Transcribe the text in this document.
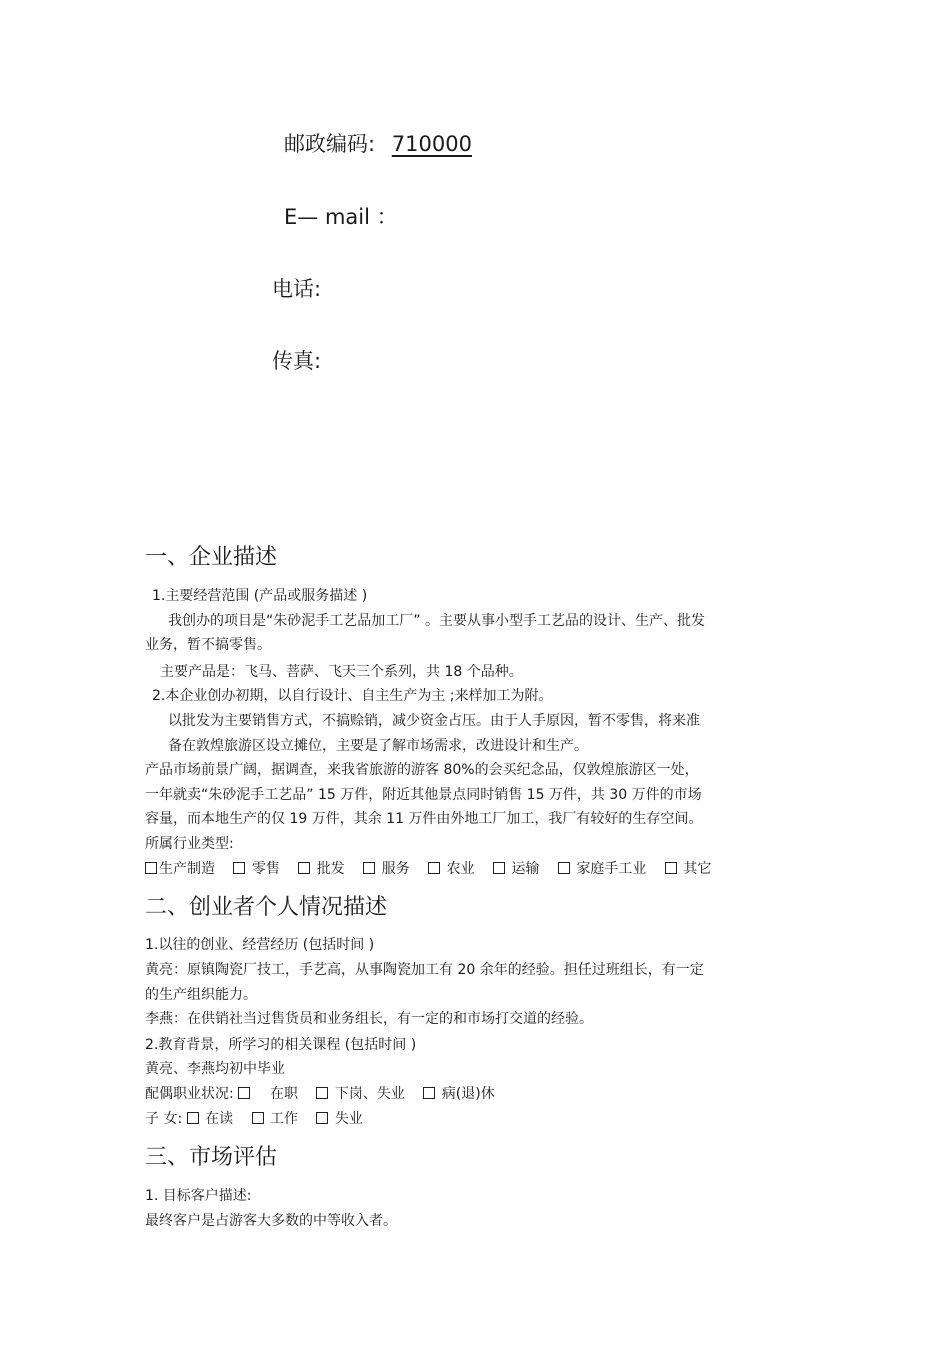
邮政编码: 710000
E— mail ：
电话:
传真:
一、企业描述
1.主要经营范围 (产品或服务描述 )
我创办的项目是“朱砂泥手工艺品加工厂” 。主要从事小型手工艺品的设计、生产、批发
业务，暂不搞零售。
主要产品是：飞马、菩萨、飞天三个系列，共 18 个品种。
2.本企业创办初期，以自行设计、自主生产为主 ;来样加工为附。
以批发为主要销售方式，不搞赊销，减少资金占压。由于人手原因，暂不零售，将来准
备在敦煌旅游区设立摊位，主要是了解市场需求，改进设计和生产。
产品市场前景广阔，据调查，来我省旅游的游客 80%的会买纪念品，仅敦煌旅游区一处，
一年就卖“朱砂泥手工艺品” 15 万件，附近其他景点同时销售 15 万件，共 30 万件的市场
容量，而本地生产的仅 19 万件，其余 11 万件由外地工厂加工，我厂有较好的生存空间。
所属行业类型:
生产制造	零售	批发	服务	农业	运输	家庭手工业	其它
二、创业者个人情况描述
1.以往的创业、经营经历 (包括时间 )
黄亮：原镇陶瓷厂技工，手艺高，从事陶瓷加工有 20 余年的经验。担任过班组长，有一定
的生产组织能力。
李燕：在供销社当过售货员和业务组长，有一定的和市场打交道的经验。
2.教育背景，所学习的相关课程 (包括时间 )
黄亮、李燕均初中毕业
配偶职业状况:	在职	下岗、失业	病(退)休
子 女: 在读	工作	失业
三、市场评估
1. 目标客户描述:
最终客户是占游客大多数的中等收入者。
